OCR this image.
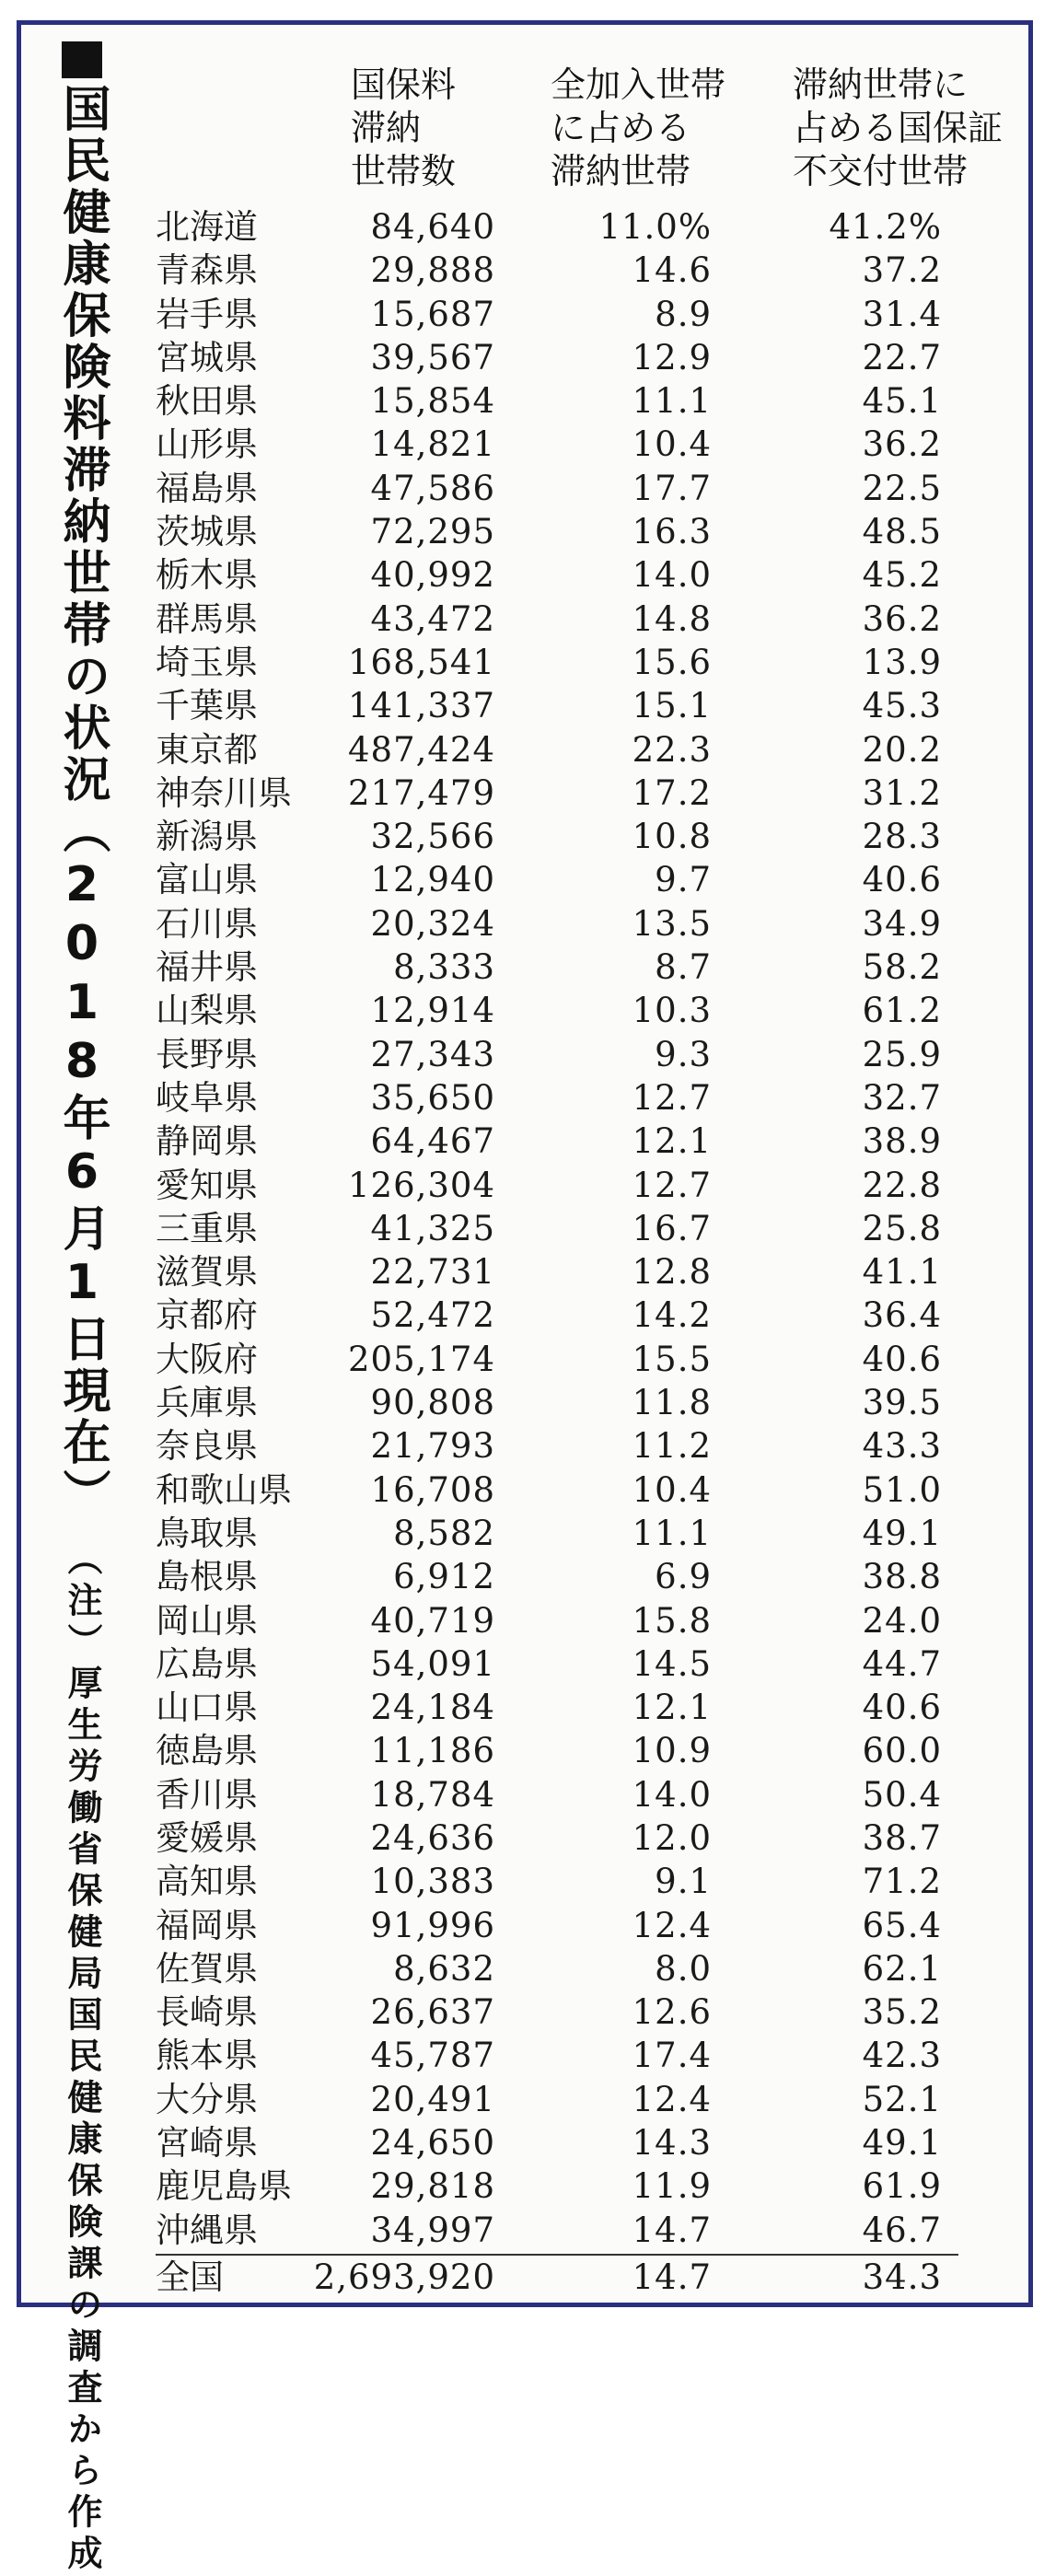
国民健康保険料滞納世帯の状況（2018年6月1日現在）
（注）厚生労働省保健局国民健康保険課の調査から作成
国保料
滞納
世帯数
全加入世帯
に占める
滞納世帯
滞納世帯に
占める国保証
不交付世帯
北海道	84,640	11.0%	41.2%
青森県	29,888	14.6	37.2
岩手県	15,687	8.9	31.4
宮城県	39,567	12.9	22.7
秋田県	15,854	11.1	45.1
山形県	14,821	10.4	36.2
福島県	47,586	17.7	22.5
茨城県	72,295	16.3	48.5
栃木県	40,992	14.0	45.2
群馬県	43,472	14.8	36.2
埼玉県	168,541	15.6	13.9
千葉県	141,337	15.1	45.3
東京都	487,424	22.3	20.2
神奈川県 217,479	17.2	31.2
新潟県	32,566	10.8	28.3
富山県	12,940	9.7	40.6
石川県	20,324	13.5	34.9
福井県	8,333	8.7	58.2
山梨県	12,914	10.3	61.2
長野県	27,343	9.3	25.9
岐阜県	35,650	12.7	32.7
静岡県	64,467	12.1	38.9
愛知県	126,304	12.7	22.8
三重県	41,325	16.7	25.8
滋賀県	22,731	12.8	41.1
京都府	52,472	14.2	36.4
大阪府	205,174	15.5	40.6
兵庫県	90,808	11.8	39.5
奈良県	21,793	11.2	43.3
和歌山県 16,708	10.4	51.0
鳥取県	8,582	11.1	49.1
島根県	6,912	6.9	38.8
岡山県	40,719	15.8	24.0
広島県	54,091	14.5	44.7
山口県	24,184	12.1	40.6
徳島県	11,186	10.9	60.0
香川県	18,784	14.0	50.4
愛媛県	24,636	12.0	38.7
高知県	10,383	9.1	71.2
福岡県	91,996	12.4	65.4
佐賀県	8,632	8.0	62.1
長崎県	26,637	12.6	35.2
熊本県	45,787	17.4	42.3
大分県	20,491	12.4	52.1
宮崎県	24,650	14.3	49.1
鹿児島県 29,818	11.9	61.9
沖縄県	34,997	14.7	46.7
全国	2,693,920	14.7	34.3
